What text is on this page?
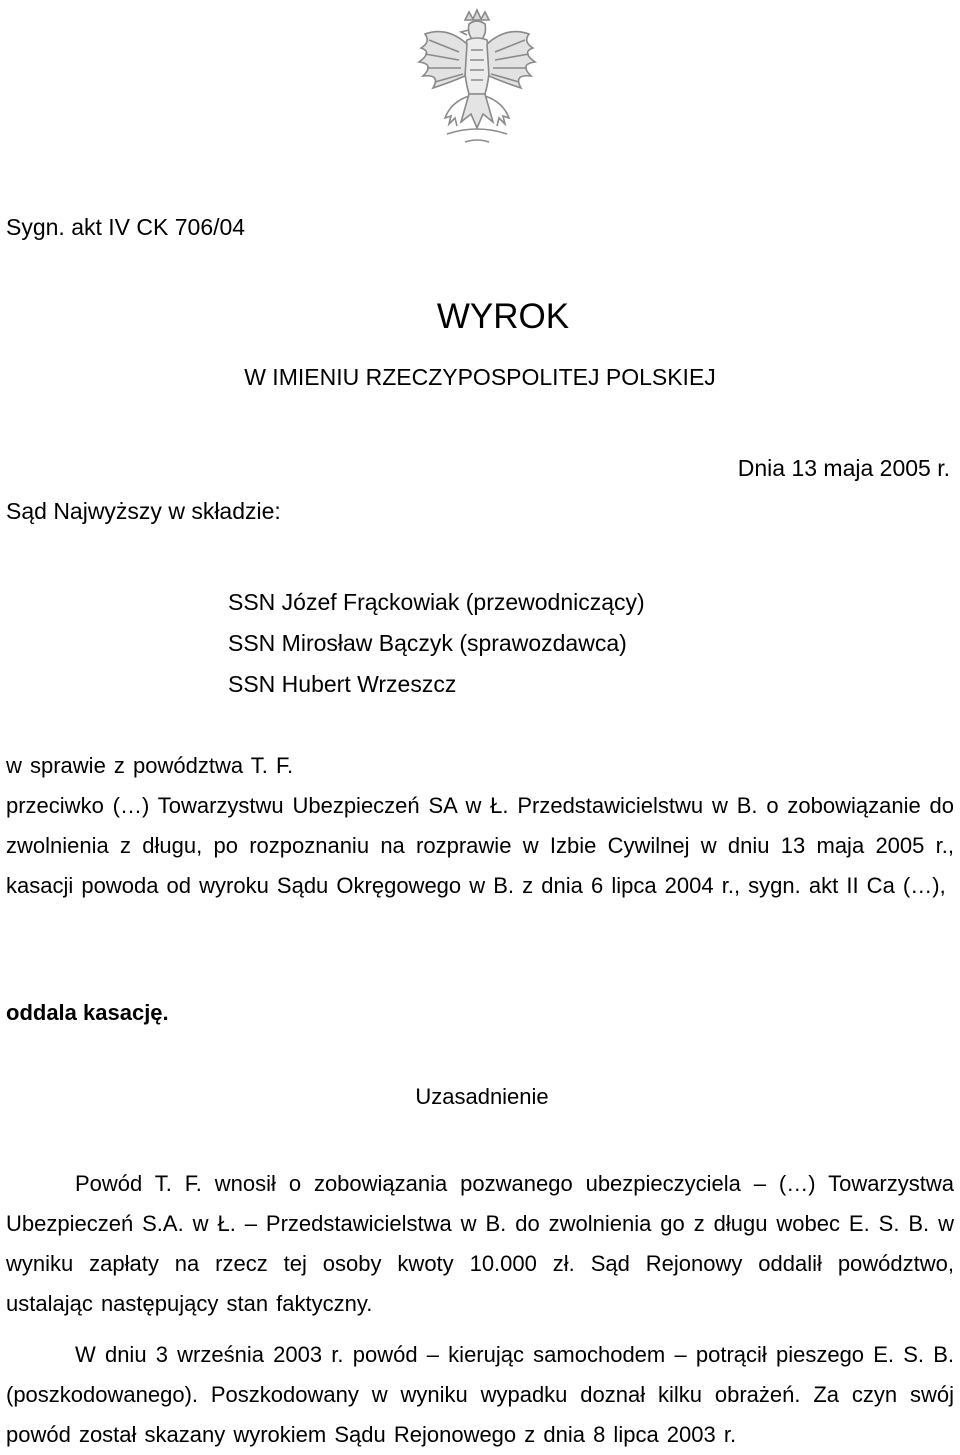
Sygn. akt IV CK 706/04
WYROK
W IMIENIU RZECZYPOSPOLITEJ POLSKIEJ
Dnia 13 maja 2005 r.
Sąd Najwyższy w składzie:
SSN Józef Frąckowiak (przewodniczący)
SSN Mirosław Bączyk (sprawozdawca)
SSN Hubert Wrzeszcz
w sprawie z powództwa T. F.
przeciwko (…) Towarzystwu Ubezpieczeń SA w Ł. Przedstawicielstwu w B. o zobowiązanie do zwolnienia z długu, po rozpoznaniu na rozprawie w Izbie Cywilnej w dniu 13 maja 2005 r., kasacji powoda od wyroku Sądu Okręgowego w B. z dnia 6 lipca 2004 r., sygn. akt II Ca (…),
oddala kasację.
Uzasadnienie
Powód T. F. wnosił o zobowiązania pozwanego ubezpieczyciela – (…) Towarzystwa Ubezpieczeń S.A. w Ł. – Przedstawicielstwa w B. do zwolnienia go z długu wobec E. S. B. w wyniku zapłaty na rzecz tej osoby kwoty 10.000 zł. Sąd Rejonowy oddalił powództwo, ustalając następujący stan faktyczny.
W dniu 3 września 2003 r. powód – kierując samochodem – potrącił pieszego E. S. B. (poszkodowanego). Poszkodowany w wyniku wypadku doznał kilku obrażeń. Za czyn swój powód został skazany wyrokiem Sądu Rejonowego z dnia 8 lipca 2003 r.
